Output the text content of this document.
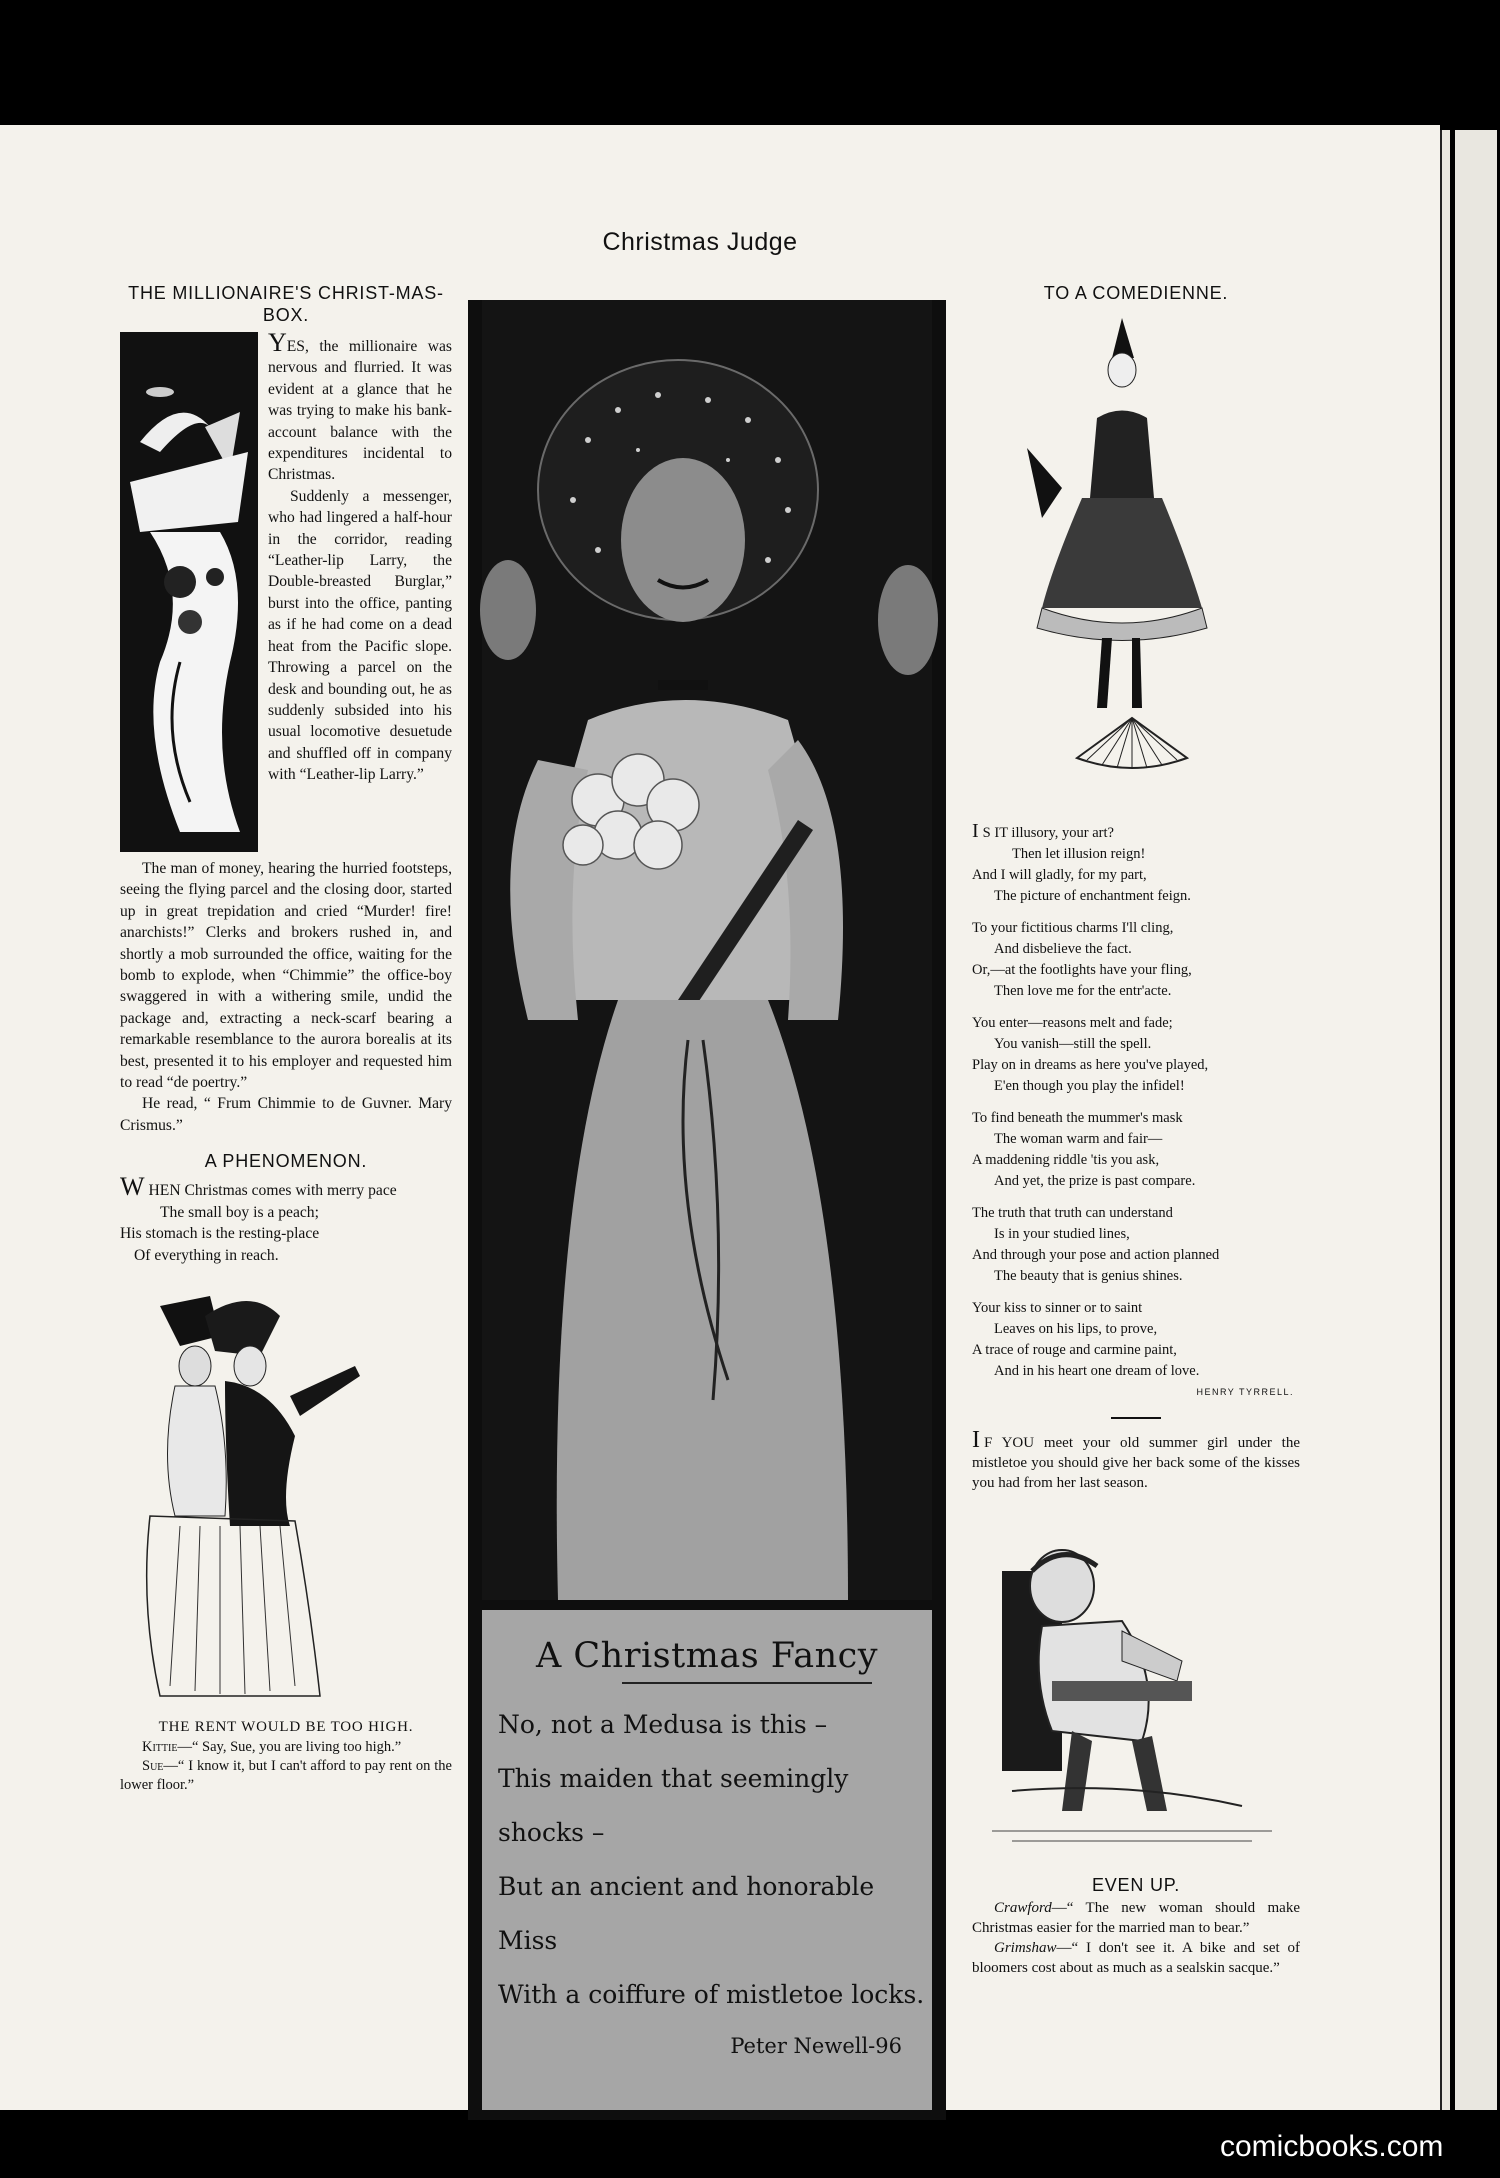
Christmas Judge
THE MILLIONAIRE'S CHRIST-MAS-BOX.

YES, the millionaire was nervous and flurried. It was evident at a glance that he was trying to make his bank-account balance with the expenditures incidental to Christmas.

Suddenly a messenger, who had lingered a half-hour in the corridor, reading “Leather-lip Larry, the Double-breasted Burglar,” burst into the office, panting as if he had come on a dead heat from the Pacific slope. Throwing a parcel on the desk and bounding out, he as suddenly subsided into his usual locomotive desuetude and shuffled off in company with “Leather-lip Larry.”

The man of money, hearing the hurried footsteps, seeing the flying parcel and the closing door, started up in great trepidation and cried “Murder! fire! anarchists!” Clerks and brokers rushed in, and shortly a mob surrounded the office, waiting for the bomb to explode, when “Chimmie” the office-boy swaggered in with a withering smile, undid the package and, extracting a neck-scarf bearing a remarkable resemblance to the aurora borealis at its best, presented it to his employer and requested him to read “de poertry.”

He read, “ Frum Chimmie to de Guvner. Mary Crismus.”

A PHENOMENON.
WHEN Christmas comes with merry pace
The small boy is a peach;
His stomach is the resting-place
Of everything in reach.
THE RENT WOULD BE TOO HIGH.

Kittie—“ Say, Sue, you are living too high.”

Sue—“ I know it, but I can't afford to pay rent on the lower floor.”

A Christmas Fancy
No, not a Medusa is this –
This maiden that seemingly shocks –
But an ancient and honorable Miss
With a coiffure of mistletoe locks.
Peter Newell-96
TO A COMEDIENNE.
I S IT illusory, your art?
Then let illusion reign!
And I will gladly, for my part,
The picture of enchantment feign.
To your fictitious charms I'll cling,
And disbelieve the fact.
Or,—at the footlights have your fling,
Then love me for the entr'acte.
You enter—reasons melt and fade;
You vanish—still the spell.
Play on in dreams as here you've played,
E'en though you play the infidel!
To find beneath the mummer's mask
The woman warm and fair—
A maddening riddle 'tis you ask,
And yet, the prize is past compare.
The truth that truth can understand
Is in your studied lines,
And through your pose and action planned
The beauty that is genius shines.
Your kiss to sinner or to saint
Leaves on his lips, to prove,
A trace of rouge and carmine paint,
And in his heart one dream of love.
HENRY TYRRELL.

I F YOU meet your old summer girl under the mistletoe you should give her back some of the kisses you had from her last season.

EVEN UP.

Crawford—“ The new woman should make Christmas easier for the married man to bear.”

Grimshaw—“ I don't see it. A bike and set of bloomers cost about as much as a sealskin sacque.”

comicbooks.com
